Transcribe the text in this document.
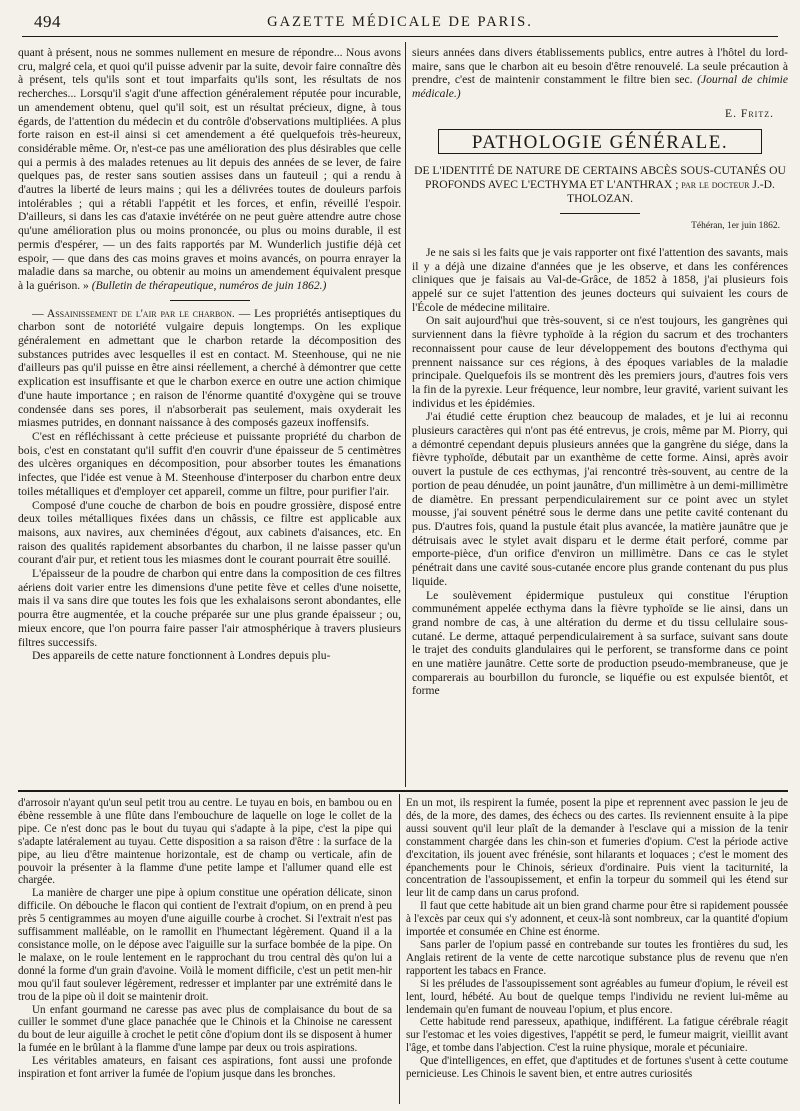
494	GAZETTE MÉDICALE DE PARIS.

quant à présent, nous ne sommes nullement en mesure de répondre... Nous avons cru, malgré cela, et quoi qu'il puisse advenir par la suite, devoir faire connaître dès à présent, tels qu'ils sont et tout imparfaits qu'ils sont, les résultats de nos recherches... Lorsqu'il s'agit d'une affection généralement réputée pour incurable, un amendement obtenu, quel qu'il soit, est un résultat précieux, digne, à tous égards, de l'attention du médecin et du contrôle d'observations multipliées. A plus forte raison en est-il ainsi si cet amendement a été quelquefois très-heureux, considérable même. Or, n'est-ce pas une amélioration des plus désirables que celle qui a permis à des malades retenues au lit depuis des années de se lever, de faire quelques pas, de rester sans soutien assises dans un fauteuil ; qui a rendu à d'autres la liberté de leurs mains ; qui les a délivrées toutes de douleurs parfois intolérables ; qui a rétabli l'appétit et les forces, et enfin, réveillé l'espoir. D'ailleurs, si dans les cas d'ataxie invétérée on ne peut guère attendre autre chose qu'une amélioration plus ou moins prononcée, ou plus ou moins durable, il est permis d'espérer, — un des faits rapportés par M. Wunderlich justifie déjà cet espoir, — que dans des cas moins graves et moins avancés, on pourra enrayer la maladie dans sa marche, ou obtenir au moins un amendement équivalent presque à la guérison. » (Bulletin de thérapeutique, numéros de juin 1862.)

— Assainissement de l'air par le charbon. — Les propriétés antiseptiques du charbon sont de notoriété vulgaire depuis longtemps. On les explique généralement en admettant que le charbon retarde la décomposition des substances putrides avec lesquelles il est en contact. M. Steenhouse, qui ne nie d'ailleurs pas qu'il puisse en être ainsi réellement, a cherché à démontrer que cette explication est insuffisante et que le charbon exerce en outre une action chimique d'une haute importance ; en raison de l'énorme quantité d'oxygène qui se trouve condensée dans ses pores, il n'absorberait pas seulement, mais oxyderait les miasmes putrides, en donnant naissance à des composés gazeux inoffensifs.

C'est en réfléchissant à cette précieuse et puissante propriété du charbon de bois, c'est en constatant qu'il suffit d'en couvrir d'une épaisseur de 5 centimètres des ulcères organiques en décomposition, pour absorber toutes les émanations infectes, que l'idée est venue à M. Steenhouse d'interposer du charbon entre deux toiles métalliques et d'employer cet appareil, comme un filtre, pour purifier l'air.

Composé d'une couche de charbon de bois en poudre grossière, disposé entre deux toiles métalliques fixées dans un châssis, ce filtre est applicable aux maisons, aux navires, aux cheminées d'égout, aux cabinets d'aisances, etc. En raison des qualités rapidement absorbantes du charbon, il ne laisse passer qu'un courant d'air pur, et retient tous les miasmes dont le courant pourrait être souillé.

L'épaisseur de la poudre de charbon qui entre dans la composition de ces filtres aériens doit varier entre les dimensions d'une petite fève et celles d'une noisette, mais il va sans dire que toutes les fois que les exhalaisons seront abondantes, elle pourra être augmentée, et la couche préparée sur une plus grande épaisseur ; ou, mieux encore, que l'on pourra faire passer l'air atmosphérique à travers plusieurs filtres successifs.

Des appareils de cette nature fonctionnent à Londres depuis plu-

sieurs années dans divers établissements publics, entre autres à l'hôtel du lord-maire, sans que le charbon ait eu besoin d'être renouvelé. La seule précaution à prendre, c'est de maintenir constamment le filtre bien sec. (Journal de chimie médicale.)

E. Fritz.
PATHOLOGIE GÉNÉRALE.
DE L'IDENTITÉ DE NATURE DE CERTAINS ABCÈS SOUS-CUTANÉS OU PROFONDS AVEC L'ECTHYMA ET L'ANTHRAX ; par le docteur J.-D. THOLOZAN.
Téhéran, 1er juin 1862.

Je ne sais si les faits que je vais rapporter ont fixé l'attention des savants, mais il y a déjà une dizaine d'années que je les observe, et dans les conférences cliniques que je faisais au Val-de-Grâce, de 1852 à 1858, j'ai plusieurs fois appelé sur ce sujet l'attention des jeunes docteurs qui suivaient les cours de l'École de médecine militaire.

On sait aujourd'hui que très-souvent, si ce n'est toujours, les gangrènes qui surviennent dans la fièvre typhoïde à la région du sacrum et des trochanters reconnaissent pour cause de leur développement des boutons d'ecthyma qui prennent naissance sur ces régions, à des époques variables de la maladie principale. Quelquefois ils se montrent dès les premiers jours, d'autres fois vers la fin de la pyrexie. Leur fréquence, leur nombre, leur gravité, varient suivant les individus et les épidémies.

J'ai étudié cette éruption chez beaucoup de malades, et je lui ai reconnu plusieurs caractères qui n'ont pas été entrevus, je crois, même par M. Piorry, qui a démontré cependant depuis plusieurs années que la gangrène du siége, dans la fièvre typhoïde, débutait par un exanthème de cette forme. Ainsi, après avoir ouvert la pustule de ces ecthymas, j'ai rencontré très-souvent, au centre de la portion de peau dénudée, un point jaunâtre, d'un millimètre à un demi-millimètre de diamètre. En pressant perpendiculairement sur ce point avec un stylet mousse, j'ai souvent pénétré sous le derme dans une petite cavité contenant du pus. D'autres fois, quand la pustule était plus avancée, la matière jaunâtre que je détruisais avec le stylet avait disparu et le derme était perforé, comme par emporte-pièce, d'un orifice d'environ un millimètre. Dans ce cas le stylet pénétrait dans une cavité sous-cutanée encore plus grande contenant du pus plus liquide.

Le soulèvement épidermique pustuleux qui constitue l'éruption communément appelée ecthyma dans la fièvre typhoïde se lie ainsi, dans un grand nombre de cas, à une altération du derme et du tissu cellulaire sous-cutané. Le derme, attaqué perpendiculairement à sa surface, suivant sans doute le trajet des conduits glandulaires qui le perforent, se transforme dans ce point en une matière jaunâtre. Cette sorte de production pseudo-membraneuse, que je comparerais au bourbillon du furoncle, se liquéfie ou est expulsée bientôt, et forme

d'arrosoir n'ayant qu'un seul petit trou au centre. Le tuyau en bois, en bambou ou en ébène ressemble à une flûte dans l'embouchure de laquelle on loge le collet de la pipe. Ce n'est donc pas le bout du tuyau qui s'adapte à la pipe, c'est la pipe qui s'adapte latéralement au tuyau. Cette disposition a sa raison d'être : la surface de la pipe, au lieu d'être maintenue horizontale, est de champ ou verticale, afin de pouvoir la présenter à la flamme d'une petite lampe et l'allumer quand elle est chargée.

La manière de charger une pipe à opium constitue une opération délicate, sinon difficile. On débouche le flacon qui contient de l'extrait d'opium, on en prend à peu près 5 centigrammes au moyen d'une aiguille courbe à crochet. Si l'extrait n'est pas suffisamment malléable, on le ramollit en l'humectant légèrement. Quand il a la consistance molle, on le dépose avec l'aiguille sur la surface bombée de la pipe. On le malaxe, on le roule lentement en le rapprochant du trou central dès qu'on lui a donné la forme d'un grain d'avoine. Voilà le moment difficile, c'est un petit men-hir mou qu'il faut soulever légèrement, redresser et implanter par une extrémité dans le trou de la pipe où il doit se maintenir droit.

Un enfant gourmand ne caresse pas avec plus de complaisance du bout de sa cuiller le sommet d'une glace panachée que le Chinois et la Chinoise ne caressent du bout de leur aiguille à crochet le petit cône d'opium dont ils se disposent à humer la fumée en le brûlant à la flamme d'une lampe par deux ou trois aspirations.

Les véritables amateurs, en faisant ces aspirations, font aussi une profonde inspiration et font arriver la fumée de l'opium jusque dans les bronches.

En un mot, ils respirent la fumée, posent la pipe et reprennent avec passion le jeu de dés, de la more, des dames, des échecs ou des cartes. Ils reviennent ensuite à la pipe aussi souvent qu'il leur plaît de la demander à l'esclave qui a mission de la tenir constamment chargée dans les chin-son et fumeries d'opium. C'est la période active d'excitation, ils jouent avec frénésie, sont hilarants et loquaces ; c'est le moment des épanchements pour le Chinois, sérieux d'ordinaire. Puis vient la taciturnité, la concentration de l'assoupissement, et enfin la torpeur du sommeil qui les étend sur leur lit de camp dans un carus profond.

Il faut que cette habitude ait un bien grand charme pour être si rapidement poussée à l'excès par ceux qui s'y adonnent, et ceux-là sont nombreux, car la quantité d'opium importée et consumée en Chine est énorme.

Sans parler de l'opium passé en contrebande sur toutes les frontières du sud, les Anglais retirent de la vente de cette narcotique substance plus de revenu que n'en rapportent les tabacs en France.

Si les préludes de l'assoupissement sont agréables au fumeur d'opium, le réveil est lent, lourd, hébété. Au bout de quelque temps l'individu ne revient lui-même au lendemain qu'en fumant de nouveau l'opium, et plus encore.

Cette habitude rend paresseux, apathique, indifférent. La fatigue cérébrale réagit sur l'estomac et les voies digestives, l'appétit se perd, le fumeur maigrit, vieillit avant l'âge, et tombe dans l'abjection. C'est la ruine physique, morale et pécuniaire.

Que d'intelligences, en effet, que d'aptitudes et de fortunes s'usent à cette coutume pernicieuse. Les Chinois le savent bien, et entre autres curiosités
